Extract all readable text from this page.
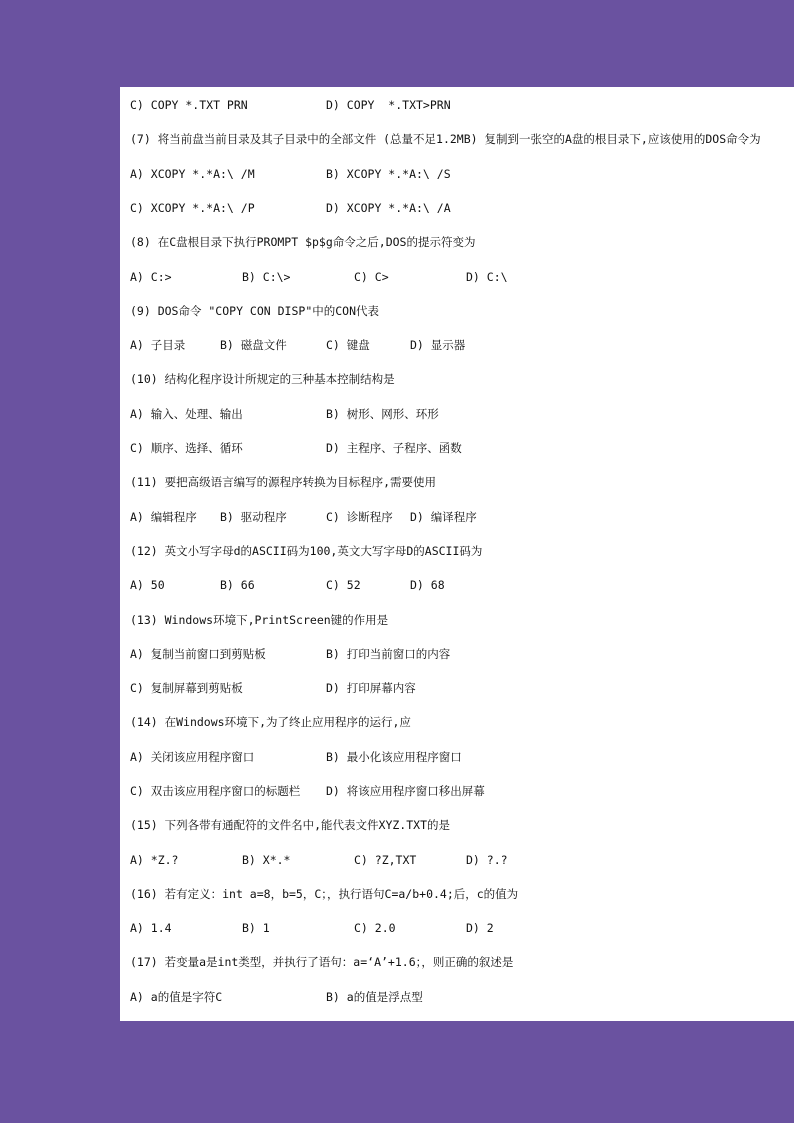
C) COPY *.TXT PRN	D) COPY  *.TXT>PRN
(7) 将当前盘当前目录及其子目录中的全部文件 (总量不足1.2MB) 复制到一张空的A盘的根目录下,应该使用的DOS命令为
A) XCOPY *.*A:\ /M	B) XCOPY *.*A:\ /S
C) XCOPY *.*A:\ /P	D) XCOPY *.*A:\ /A
(8) 在C盘根目录下执行PROMPT $p$g命令之后,DOS的提示符变为
A) C:>	B) C:\>	C) C>	D) C:\
(9) DOS命令 "COPY CON DISP"中的CON代表
A) 子目录	B) 磁盘文件	C) 键盘	D) 显示器
(10) 结构化程序设计所规定的三种基本控制结构是
A) 输入、处理、输出	B) 树形、网形、环形
C) 顺序、选择、循环	D) 主程序、子程序、函数
(11) 要把高级语言编写的源程序转换为目标程序,需要使用
A) 编辑程序 B) 驱动程序	C) 诊断程序 D) 编译程序
(12) 英文小写字母d的ASCII码为100,英文大写字母D的ASCII码为
A) 50	B) 66	C) 52	D) 68
(13) Windows环境下,PrintScreen键的作用是
A) 复制当前窗口到剪贴板	B) 打印当前窗口的内容
C) 复制屏幕到剪贴板	D) 打印屏幕内容
(14) 在Windows环境下,为了终止应用程序的运行,应
A) 关闭该应用程序窗口	B) 最小化该应用程序窗口
C) 双击该应用程序窗口的标题栏 D) 将该应用程序窗口移出屏幕
(15) 下列各带有通配符的文件名中,能代表文件XYZ.TXT的是
A) *Z.?	B) X*.*	C) ?Z,TXT	D) ?.?
(16) 若有定义：int a=8，b=5，C；，执行语句C=a/b+0.4;后，c的值为
A) 1.4	B) 1	C) 2.0	D) 2
(17) 若变量a是int类型，并执行了语句：a=‘A’+1.6；，则正确的叙述是
A) a的值是字符C	B) a的值是浮点型
